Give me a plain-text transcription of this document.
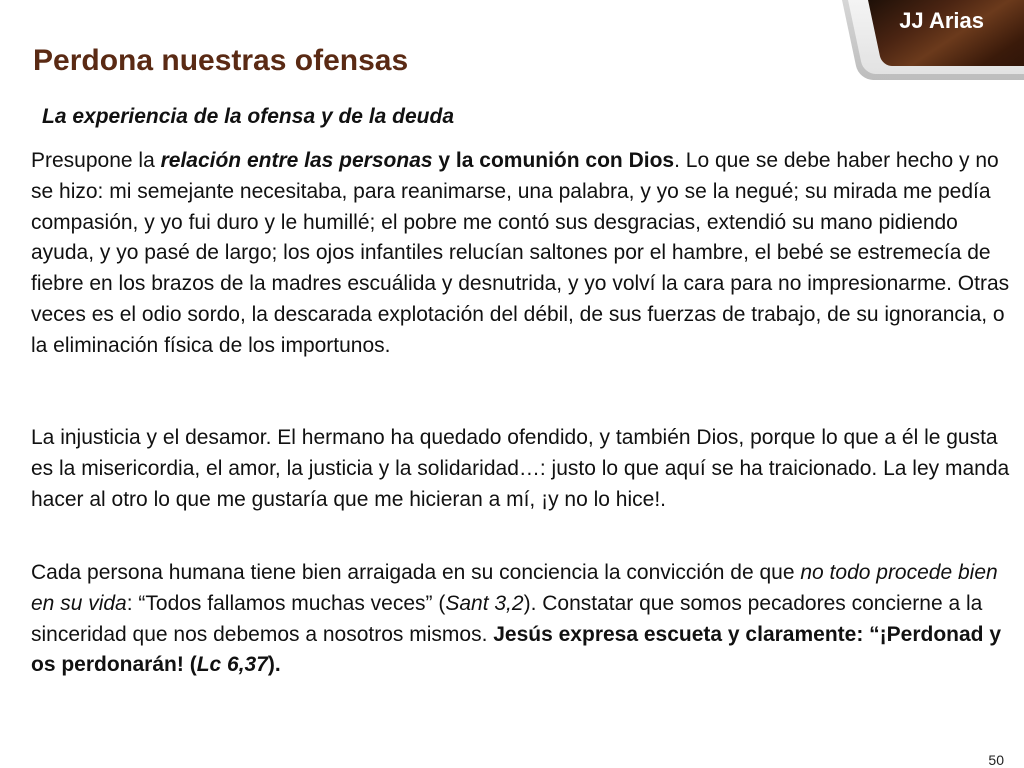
JJ Arias
Perdona nuestras ofensas
La experiencia de la ofensa y de la deuda
Presupone la relación entre las personas y la comunión con Dios. Lo que se debe haber hecho y no se hizo: mi semejante necesitaba, para reanimarse, una palabra, y yo se la negué; su mirada me pedía compasión, y yo fui duro y le humillé; el pobre me contó sus desgracias, extendió su mano pidiendo ayuda, y yo pasé de largo; los ojos infantiles relucían saltones por el hambre, el bebé se estremecía de fiebre en los brazos de la madres escuálida y desnutrida, y yo volví la cara para no impresionarme. Otras veces es el odio sordo, la descarada explotación del débil, de sus fuerzas de trabajo, de su ignorancia, o la eliminación física de los importunos.
La injusticia y el desamor. El hermano ha quedado ofendido, y también Dios, porque lo que a él le gusta es la misericordia, el amor, la justicia y la solidaridad…: justo lo que aquí se ha traicionado. La ley manda hacer al otro lo que me gustaría que me hicieran a mí, ¡y no lo hice!.
Cada persona humana tiene bien arraigada en su conciencia la convicción de que no todo procede bien en su vida: “Todos fallamos muchas veces” (Sant 3,2). Constatar que somos pecadores concierne a la sinceridad que nos debemos a nosotros mismos. Jesús expresa escueta y claramente: “¡Perdonad y os perdonarán! (Lc 6,37).
50
